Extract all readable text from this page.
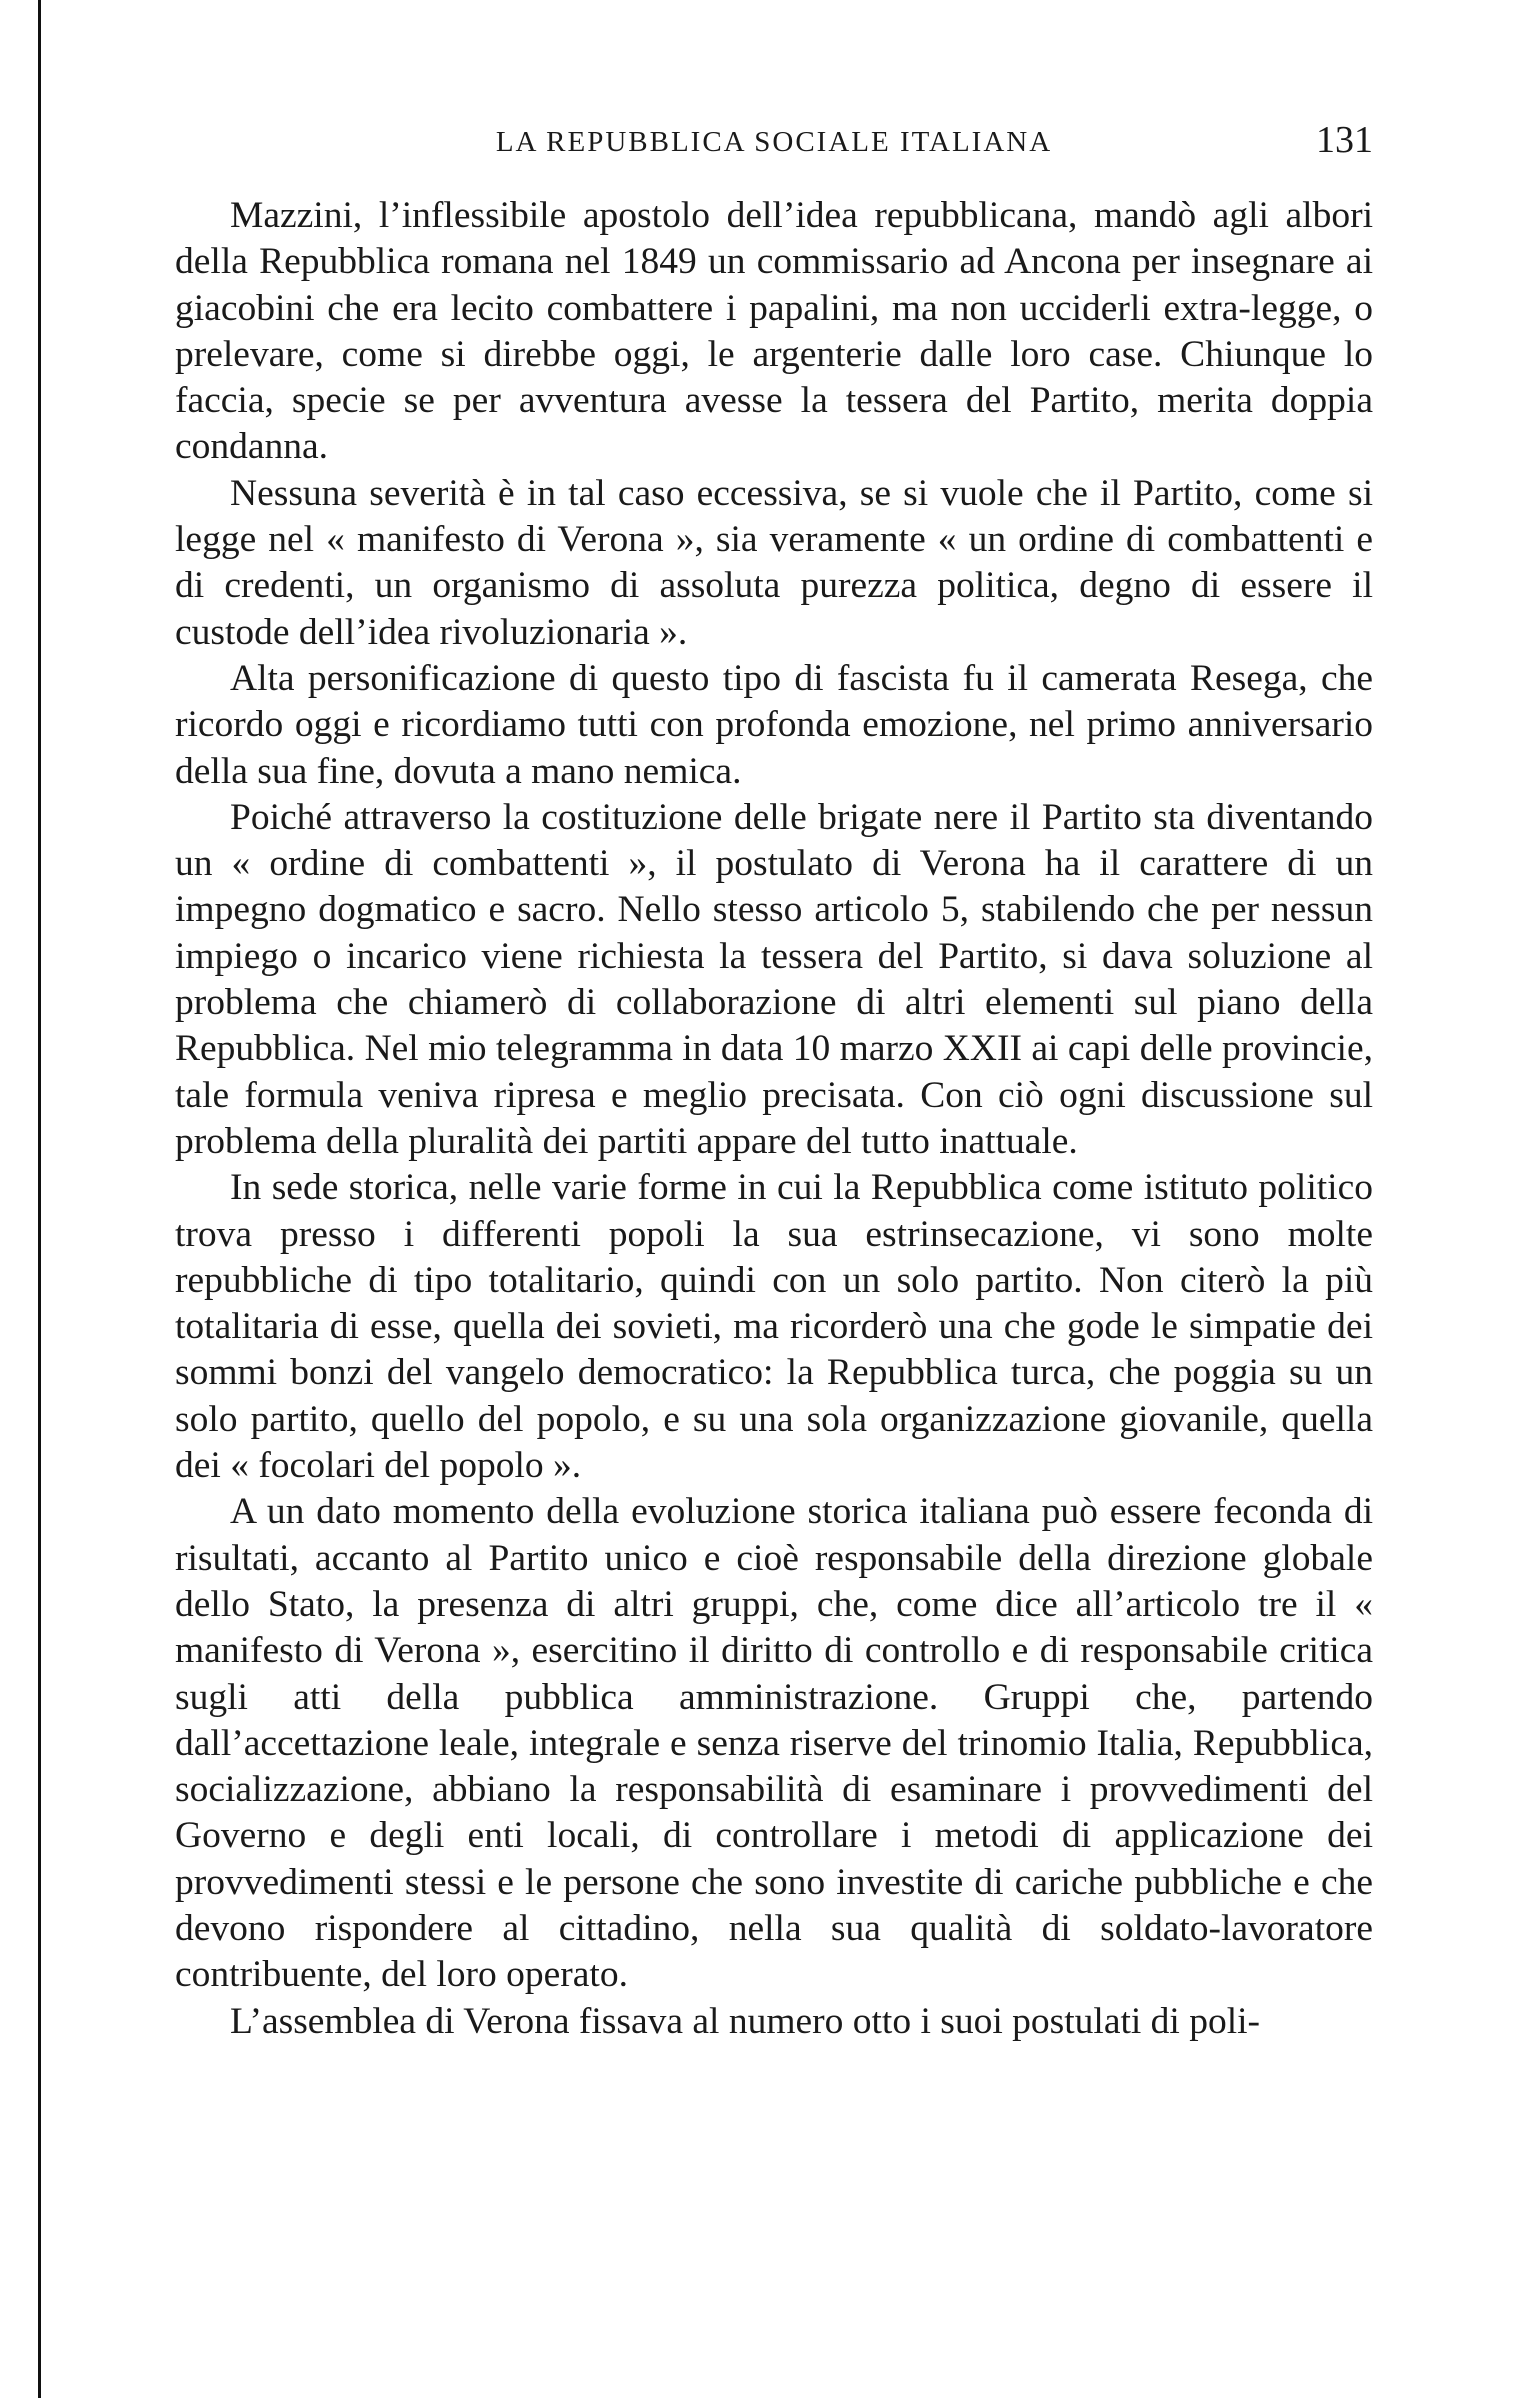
LA REPUBBLICA SOCIALE ITALIANA	131

Mazzini, l’inflessibile apostolo dell’idea repubblicana, mandò agli albori della Repubblica romana nel 1849 un commissario ad Ancona per insegnare ai giacobini che era lecito combattere i papalini, ma non ucciderli extra-legge, o prelevare, come si direbbe oggi, le argenterie dalle loro case. Chiunque lo faccia, specie se per avventura avesse la tessera del Partito, merita doppia condanna.

Nessuna severità è in tal caso eccessiva, se si vuole che il Partito, come si legge nel « manifesto di Verona », sia veramente « un ordine di combattenti e di credenti, un organismo di assoluta purezza politica, degno di essere il custode dell’idea rivoluzionaria ».

Alta personificazione di questo tipo di fascista fu il camerata Resega, che ricordo oggi e ricordiamo tutti con profonda emozione, nel primo anniversario della sua fine, dovuta a mano nemica.

Poiché attraverso la costituzione delle brigate nere il Partito sta diventando un « ordine di combattenti », il postulato di Verona ha il carattere di un impegno dogmatico e sacro. Nello stesso articolo 5, stabilendo che per nessun impiego o incarico viene richiesta la tessera del Partito, si dava soluzione al problema che chiamerò di collaborazione di altri elementi sul piano della Repubblica. Nel mio telegramma in data 10 marzo XXII ai capi delle provincie, tale formula veniva ripresa e meglio precisata. Con ciò ogni discussione sul problema della pluralità dei partiti appare del tutto inattuale.

In sede storica, nelle varie forme in cui la Repubblica come istituto politico trova presso i differenti popoli la sua estrinsecazione, vi sono molte repubbliche di tipo totalitario, quindi con un solo partito. Non citerò la più totalitaria di esse, quella dei sovieti, ma ricorderò una che gode le simpatie dei sommi bonzi del vangelo democratico: la Repubblica turca, che poggia su un solo partito, quello del popolo, e su una sola organizzazione giovanile, quella dei « focolari del popolo ».

A un dato momento della evoluzione storica italiana può essere feconda di risultati, accanto al Partito unico e cioè responsabile della direzione globale dello Stato, la presenza di altri gruppi, che, come dice all’articolo tre il « manifesto di Verona », esercitino il diritto di controllo e di responsabile critica sugli atti della pubblica amministrazione. Gruppi che, partendo dall’accettazione leale, integrale e senza riserve del trinomio Italia, Repubblica, socializzazione, abbiano la responsabilità di esaminare i provvedimenti del Governo e degli enti locali, di controllare i metodi di applicazione dei provvedimenti stessi e le persone che sono investite di cariche pubbliche e che devono rispondere al cittadino, nella sua qualità di soldato-lavoratore contribuente, del loro operato.

L’assemblea di Verona fissava al numero otto i suoi postulati di poli-
